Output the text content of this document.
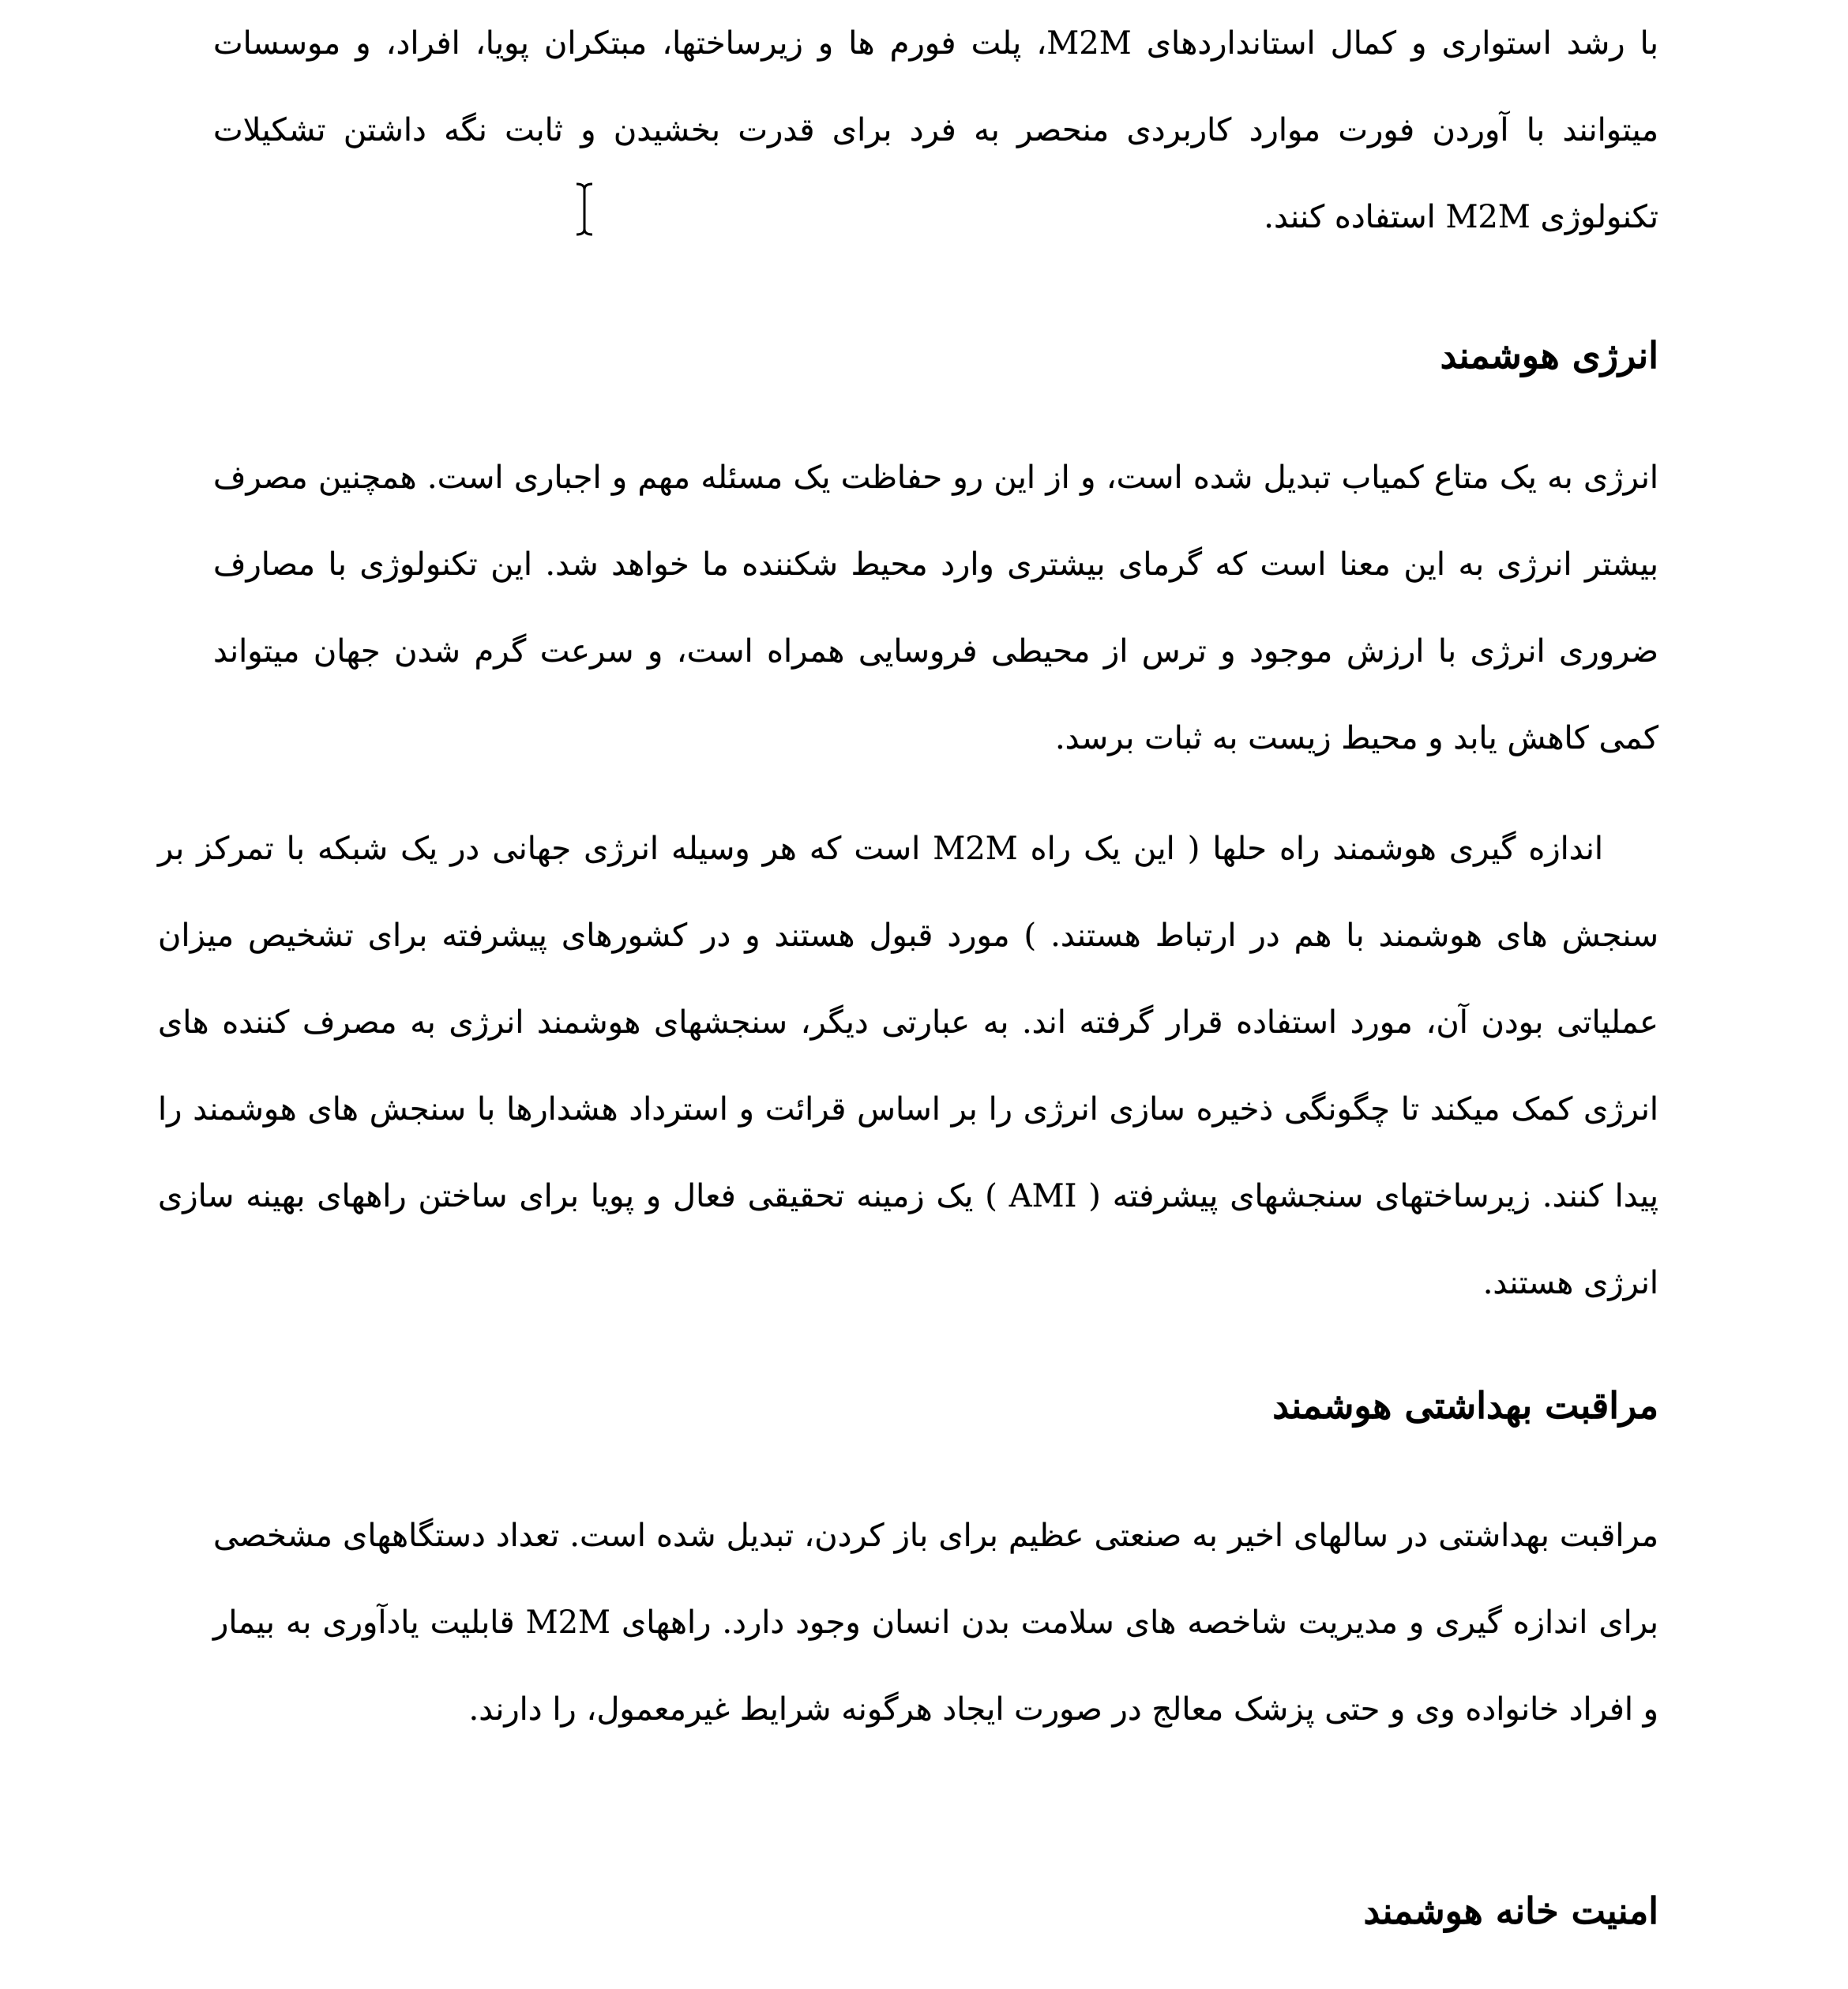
با رشد استواری و کمال استانداردهای M2M، پلت فورم ها و زیرساختها، مبتکران پویا، افراد، و موسسات میتوانند با آوردن فورت موارد کاربردی منحصر به فرد برای قدرت بخشیدن و ثابت نگه داشتن تشکیلات تکنولوژی M2M استفاده کنند.

انرژی هوشمند

انرژی به یک متاع کمیاب تبدیل شده است، و از این رو حفاظت یک مسئله مهم و اجباری است. همچنین مصرف بیشتر انرژی به این معنا است که گرمای بیشتری وارد محیط شکننده ما خواهد شد. این تکنولوژی با مصارف ضروری انرژی با ارزش موجود و ترس از محیطی فروسایی همراه است، و سرعت گرم شدن جهان میتواند کمی کاهش یابد و محیط زیست به ثبات برسد.

اندازه گیری هوشمند راه حلها ( این یک راه M2M است که هر وسیله انرژی جهانی در یک شبکه با تمرکز بر سنجش های هوشمند با هم در ارتباط هستند. ) مورد قبول هستند و در کشورهای پیشرفته برای تشخیص میزان عملیاتی بودن آن، مورد استفاده قرار گرفته اند. به عبارتی دیگر، سنجشهای هوشمند انرژی به مصرف کننده های انرژی کمک میکند تا چگونگی ذخیره سازی انرژی را بر اساس قرائت و استرداد هشدارها با سنجش های هوشمند را پیدا کنند. زیرساختهای سنجشهای پیشرفته ( AMI ) یک زمینه تحقیقی فعال و پویا برای ساختن راههای بهینه سازی انرژی هستند.

مراقبت بهداشتی هوشمند

مراقبت بهداشتی در سالهای اخیر به صنعتی عظیم برای باز کردن، تبدیل شده است. تعداد دستگاههای مشخصی برای اندازه گیری و مدیریت شاخصه های سلامت بدن انسان وجود دارد. راههای M2M قابلیت یادآوری به بیمار و افراد خانواده وی و حتی پزشک معالج در صورت ایجاد هرگونه شرایط غیرمعمول، را دارند.

امنیت خانه هوشمند
